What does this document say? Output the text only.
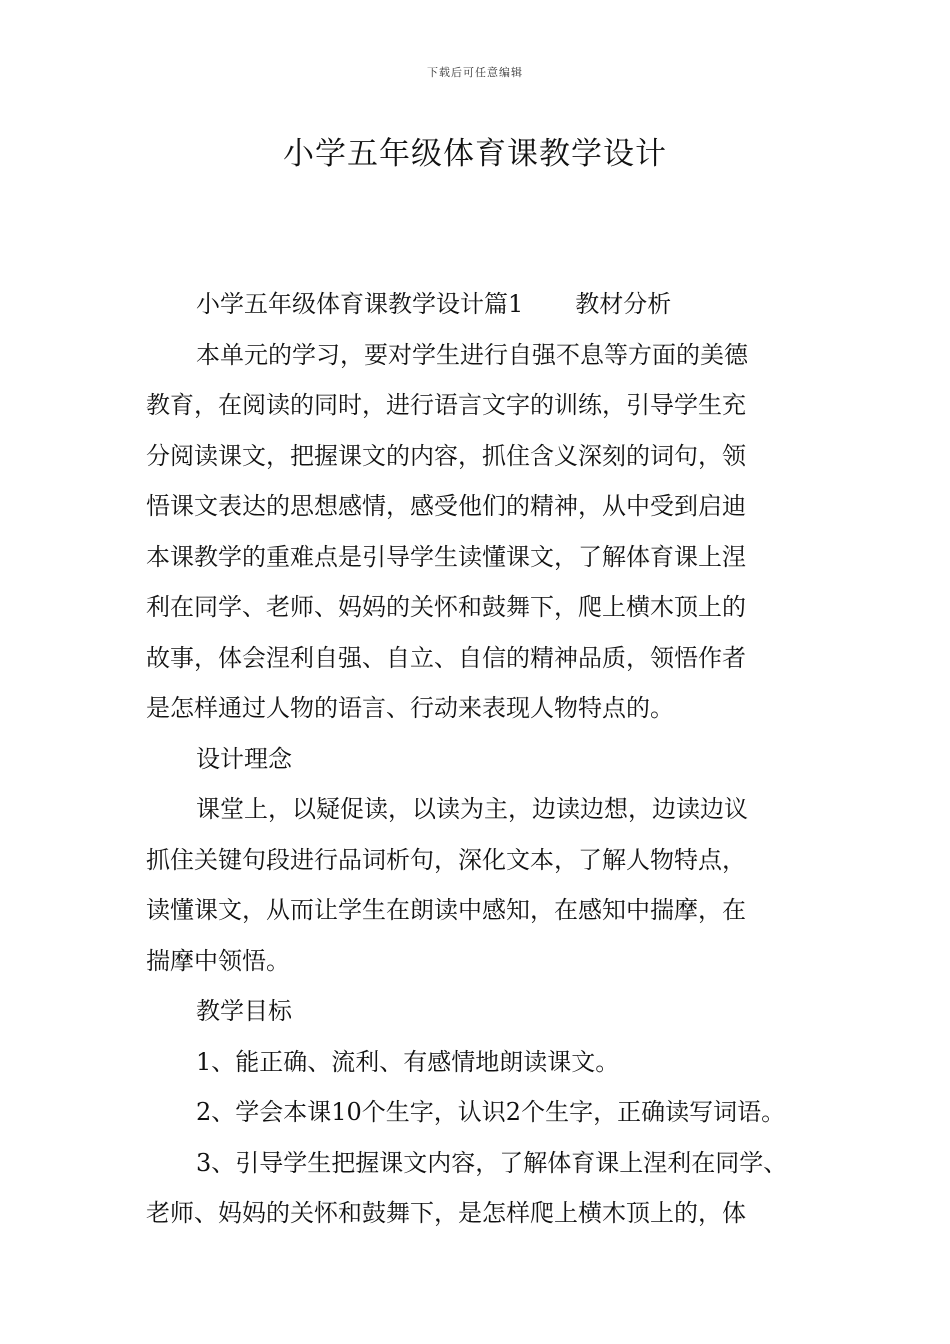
下载后可任意编辑
小学五年级体育课教学设计

小学五年级体育课教学设计篇1 教材分析

本单元的学习，要对学生进行自强不息等方面的美德

教育，在阅读的同时，进行语言文字的训练，引导学生充

分阅读课文，把握课文的内容，抓住含义深刻的词句，领

悟课文表达的思想感情，感受他们的精神，从中受到启迪

本课教学的重难点是引导学生读懂课文，了解体育课上涅

利在同学、老师、妈妈的关怀和鼓舞下，爬上横木顶上的

故事，体会涅利自强、自立、自信的精神品质，领悟作者

是怎样通过人物的语言、行动来表现人物特点的。

设计理念

课堂上，以疑促读，以读为主，边读边想，边读边议

抓住关键句段进行品词析句，深化文本，了解人物特点，

读懂课文，从而让学生在朗读中感知，在感知中揣摩，在

揣摩中领悟。

教学目标

1、能正确、流利、有感情地朗读课文。

2、学会本课10个生字，认识2个生字，正确读写词语。

3、引导学生把握课文内容，了解体育课上涅利在同学、

老师、妈妈的关怀和鼓舞下，是怎样爬上横木顶上的，体
